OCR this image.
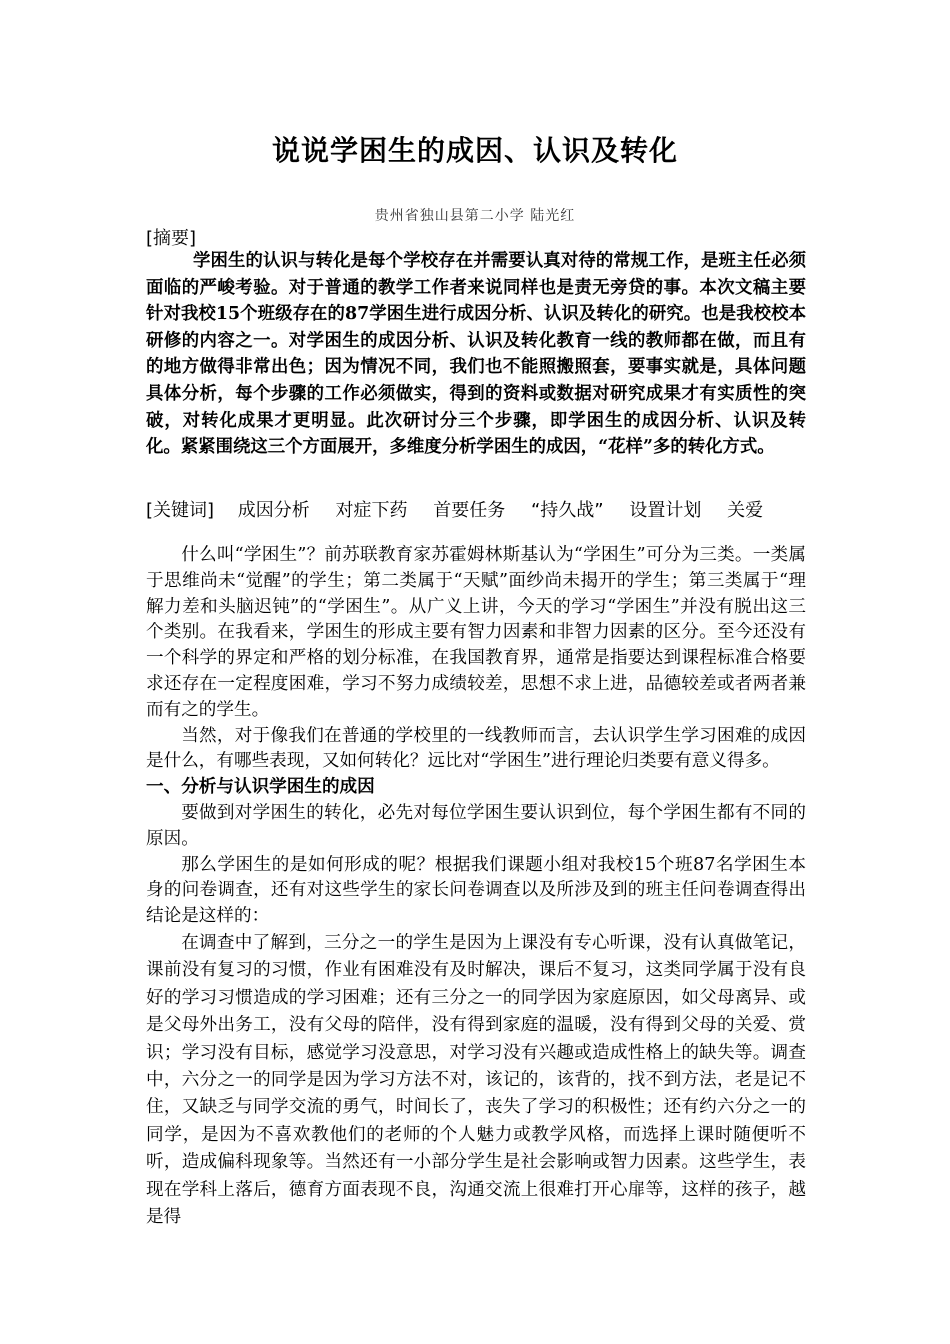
说说学困生的成因、认识及转化
贵州省独山县第二小学 陆光红
[摘要]

学困生的认识与转化是每个学校存在并需要认真对待的常规工作，是班主任必须面临的严峻考验。对于普通的教学工作者来说同样也是责无旁贷的事。本次文稿主要针对我校15个班级存在的87学困生进行成因分析、认识及转化的研究。也是我校校本研修的内容之一。对学困生的成因分析、认识及转化教育一线的教师都在做，而且有的地方做得非常出色；因为情况不同，我们也不能照搬照套，要事实就是，具体问题具体分析，每个步骤的工作必须做实，得到的资料或数据对研究成果才有实质性的突破，对转化成果才更明显。此次研讨分三个步骤，即学困生的成因分析、认识及转化。紧紧围绕这三个方面展开，多维度分析学困生的成因，“花样”多的转化方式。

[关键词] 成因分析 对症下药 首要任务 “持久战” 设置计划 关爱

什么叫“学困生”？前苏联教育家苏霍姆林斯基认为“学困生”可分为三类。一类属于思维尚未“觉醒”的学生；第二类属于“天赋”面纱尚未揭开的学生；第三类属于“理解力差和头脑迟钝”的“学困生”。从广义上讲，今天的学习“学困生”并没有脱出这三个类别。在我看来，学困生的形成主要有智力因素和非智力因素的区分。至今还没有一个科学的界定和严格的划分标准，在我国教育界，通常是指要达到课程标准合格要求还存在一定程度困难，学习不努力成绩较差，思想不求上进，品德较差或者两者兼而有之的学生。

当然，对于像我们在普通的学校里的一线教师而言，去认识学生学习困难的成因是什么，有哪些表现，又如何转化？远比对“学困生”进行理论归类要有意义得多。

一、分析与认识学困生的成因

要做到对学困生的转化，必先对每位学困生要认识到位，每个学困生都有不同的原因。

那么学困生的是如何形成的呢？根据我们课题小组对我校15个班87名学困生本身的问卷调查，还有对这些学生的家长问卷调查以及所涉及到的班主任问卷调查得出结论是这样的：

在调查中了解到，三分之一的学生是因为上课没有专心听课，没有认真做笔记，课前没有复习的习惯，作业有困难没有及时解决，课后不复习，这类同学属于没有良好的学习习惯造成的学习困难；还有三分之一的同学因为家庭原因，如父母离异、或是父母外出务工，没有父母的陪伴，没有得到家庭的温暖，没有得到父母的关爱、赏识；学习没有目标，感觉学习没意思，对学习没有兴趣或造成性格上的缺失等。调查中，六分之一的同学是因为学习方法不对，该记的，该背的，找不到方法，老是记不住，又缺乏与同学交流的勇气，时间长了，丧失了学习的积极性；还有约六分之一的同学，是因为不喜欢教他们的老师的个人魅力或教学风格，而选择上课时随便听不听，造成偏科现象等。当然还有一小部分学生是社会影响或智力因素。这些学生，表现在学科上落后，德育方面表现不良，沟通交流上很难打开心扉等，这样的孩子，越是得
